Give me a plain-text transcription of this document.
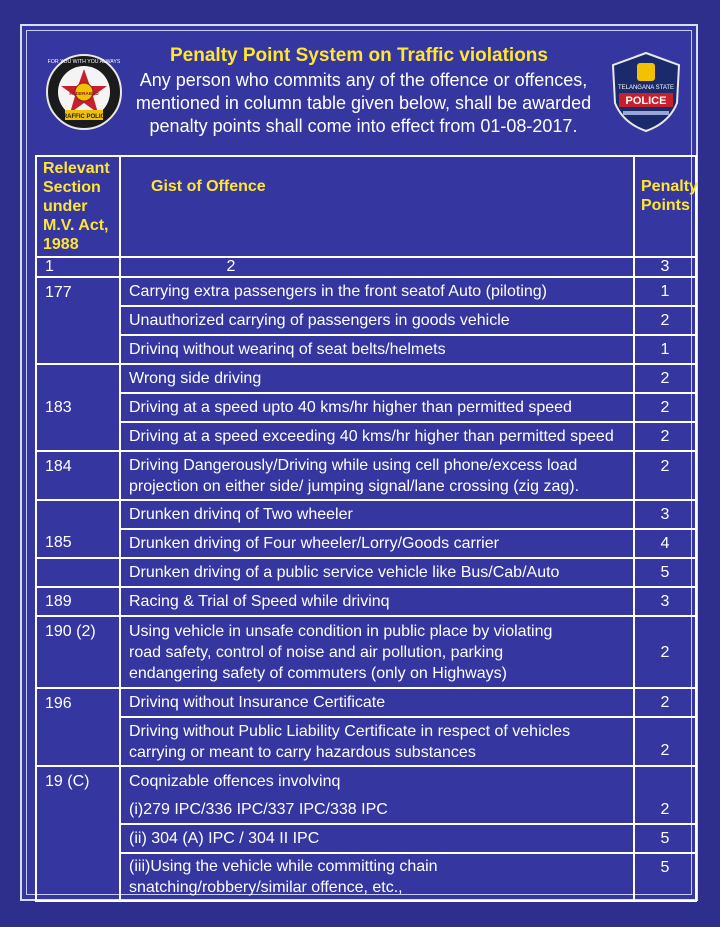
FOR YOU WITH YOU ALWAYS
HYDERABAD
TRAFFIC POLICE
Penalty Point System on Traffic violations
Any person who commits any of the offence or offences,
mentioned in column table given below, shall be awarded
penalty points shall come into effect from 01-08-2017.
TELANGANA STATE
POLICE
Relevant Section under M.V. Act, 1988	Gist of Offence	Penalty Points
1	2	3
177	Carrying extra passengers in the front seatof Auto (piloting)	1
	Unauthorized carrying of passengers in goods vehicle	2
	Drivinq without wearinq of seat belts/helmets	1
183	Wrong side driving	2
	Driving at a speed upto 40 kms/hr higher than permitted speed	2
	Driving at a speed exceeding 40 kms/hr higher than permitted speed	2
184	Driving Dangerously/Driving while using cell phone/excess load projection on either side/ jumping signal/lane crossing (zig zag).	2
185	Drunken drivinq of Two wheeler	3
	Drunken driving of Four wheeler/Lorry/Goods carrier	4
	Drunken driving of a public service vehicle like Bus/Cab/Auto	5
189	Racing & Trial of Speed while drivinq	3
190 (2)	Using vehicle in unsafe condition in public place by violating road safety, control of noise and air pollution, parking endangering safety of commuters (only on Highways)	2
196	Drivinq without Insurance Certificate	2
	Driving without Public Liability Certificate in respect of vehicles carrying or meant to carry hazardous substances	2
19 (C)	Coqnizable offences involvinq	
	(i)279 IPC/336 IPC/337 IPC/338 IPC	2
	(ii) 304 (A) IPC / 304 II IPC	5
	(iii)Using the vehicle while committing chain snatching/robbery/similar offence, etc.,	5
